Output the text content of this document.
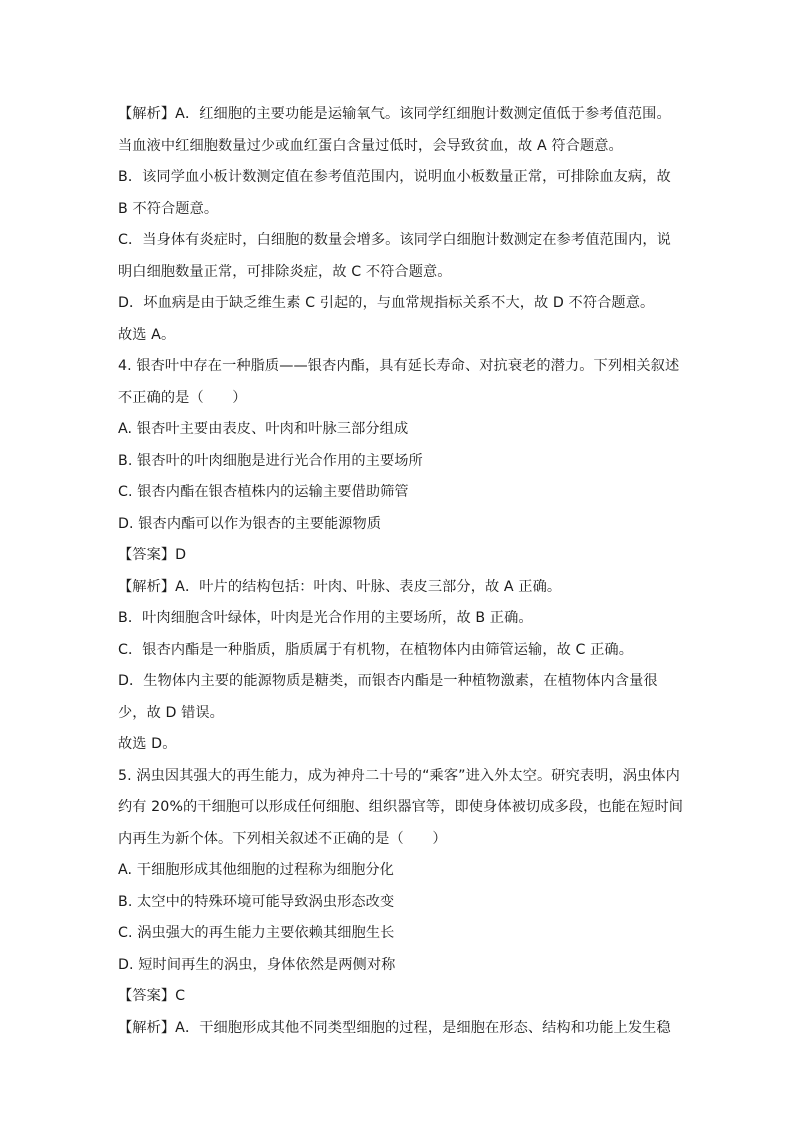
【解析】A．红细胞的主要功能是运输氧气。该同学红细胞计数测定值低于参考值范围。
当血液中红细胞数量过少或血红蛋白含量过低时，会导致贫血，故 A 符合题意。
B．该同学血小板计数测定值在参考值范围内，说明血小板数量正常，可排除血友病，故
B 不符合题意。
C．当身体有炎症时，白细胞的数量会增多。该同学白细胞计数测定在参考值范围内，说
明白细胞数量正常，可排除炎症，故 C 不符合题意。
D．坏血病是由于缺乏维生素 C 引起的，与血常规指标关系不大，故 D 不符合题意。
故选 A。
4. 银杏叶中存在一种脂质——银杏内酯，具有延长寿命、对抗衰老的潜力。下列相关叙述
不正确的是（　　）
A. 银杏叶主要由表皮、叶肉和叶脉三部分组成
B. 银杏叶的叶肉细胞是进行光合作用的主要场所
C. 银杏内酯在银杏植株内的运输主要借助筛管
D. 银杏内酯可以作为银杏的主要能源物质
【答案】D
【解析】A．叶片的结构包括：叶肉、叶脉、表皮三部分，故 A 正确。
B．叶肉细胞含叶绿体，叶肉是光合作用的主要场所，故 B 正确。
C．银杏内酯是一种脂质，脂质属于有机物，在植物体内由筛管运输，故 C 正确。
D．生物体内主要的能源物质是糖类，而银杏内酯是一种植物激素，在植物体内含量很
少，故 D 错误。
故选 D。
5. 涡虫因其强大的再生能力，成为神舟二十号的“乘客”进入外太空。研究表明，涡虫体内
约有 20%的干细胞可以形成任何细胞、组织器官等，即使身体被切成多段，也能在短时间
内再生为新个体。下列相关叙述不正确的是（　　）
A. 干细胞形成其他细胞的过程称为细胞分化
B. 太空中的特殊环境可能导致涡虫形态改变
C. 涡虫强大的再生能力主要依赖其细胞生长
D. 短时间再生的涡虫，身体依然是两侧对称
【答案】C
【解析】A．干细胞形成其他不同类型细胞的过程，是细胞在形态、结构和功能上发生稳
